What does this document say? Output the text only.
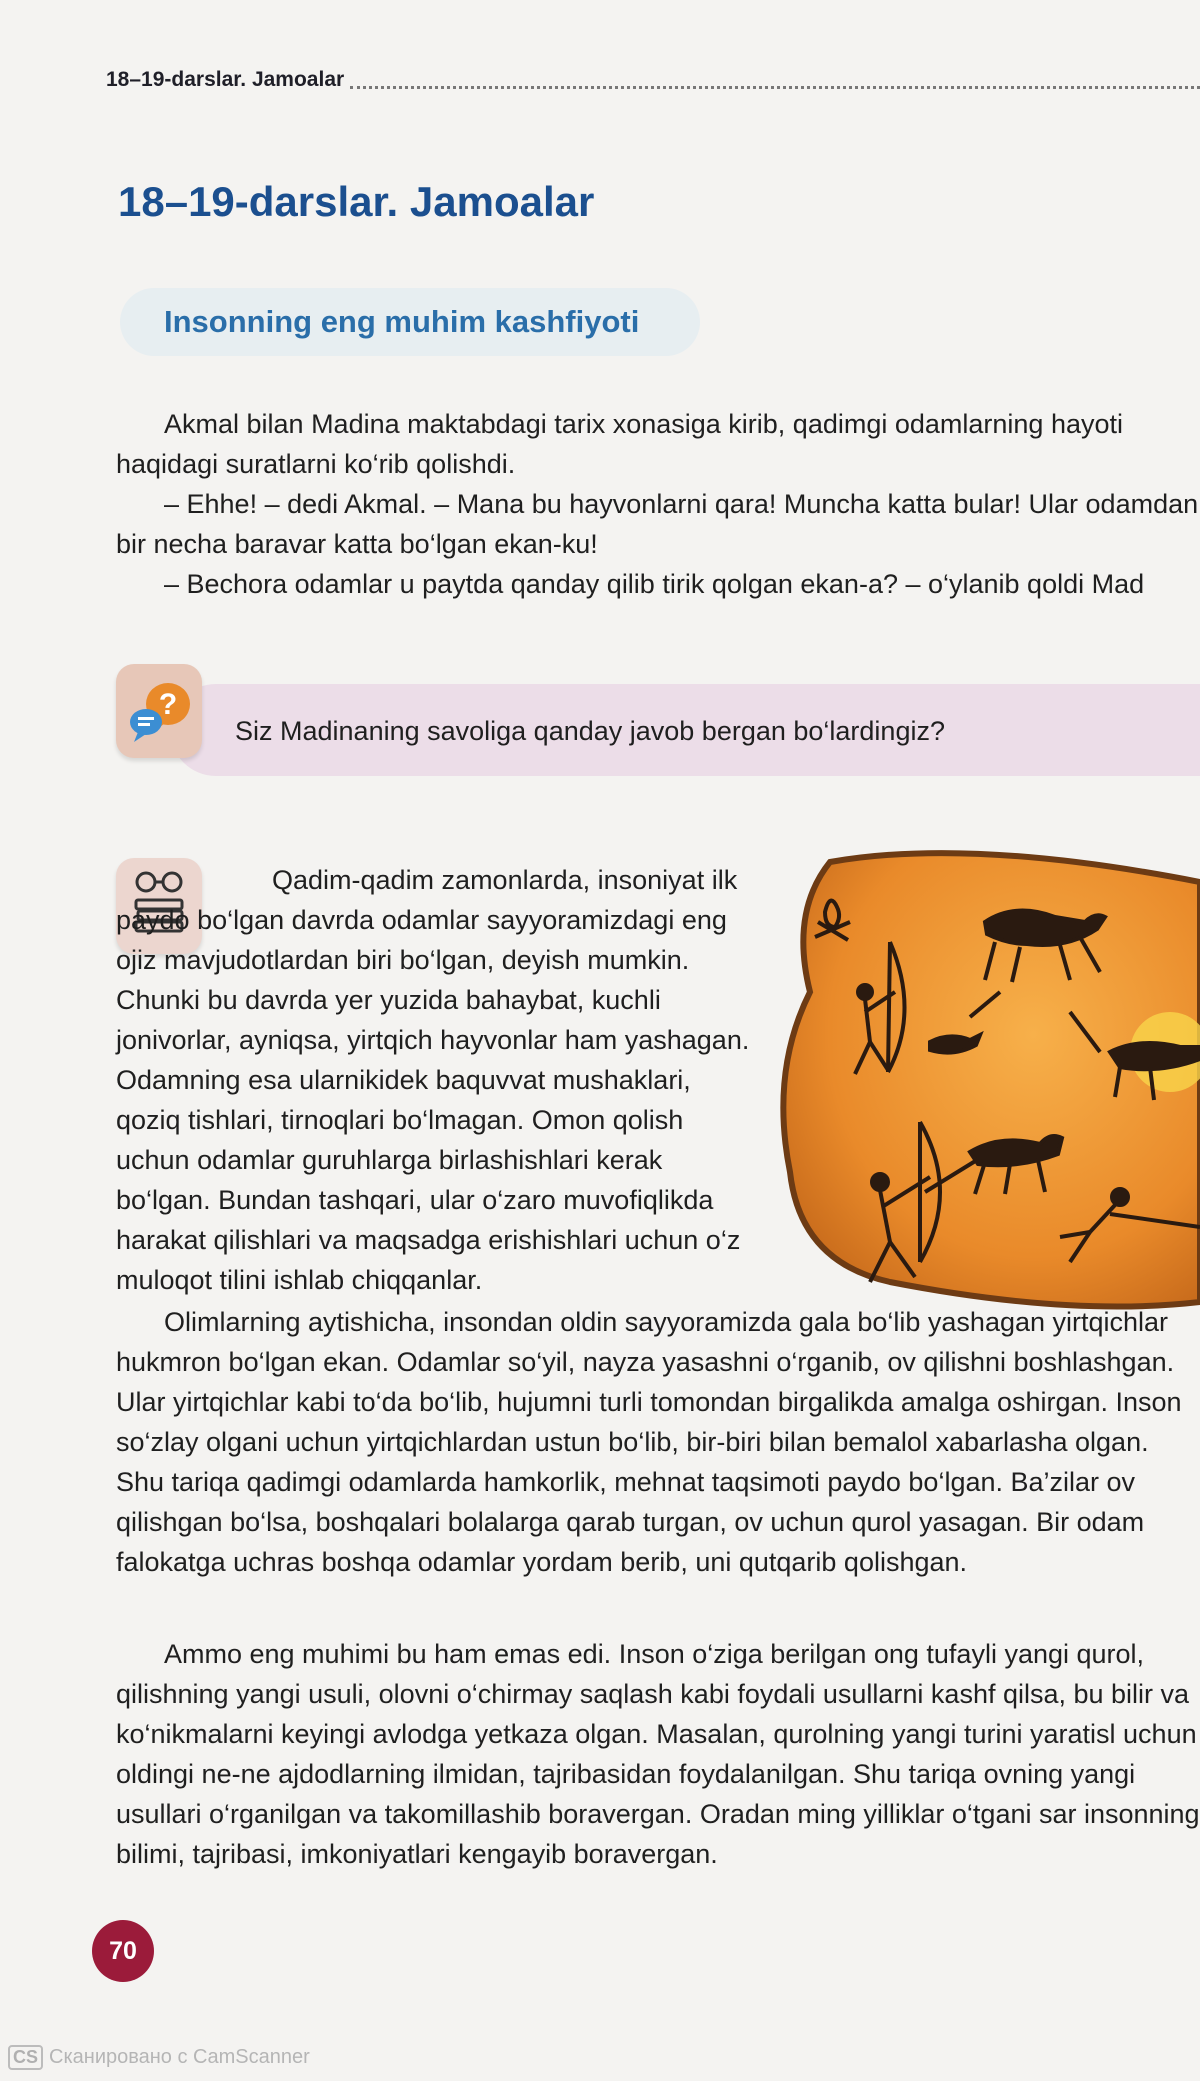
18–19-darslar. Jamoalar
18–19-darslar. Jamoalar
Insonning eng muhim kashfiyoti
Akmal bilan Madina maktabdagi tarix xonasiga kirib, qadimgi odamlarning hayoti haqidagi suratlarni ko‘rib qolishdi.
– Ehhe! – dedi Akmal. – Mana bu hayvonlarni qara! Muncha katta bular! Ular odamdan bir necha baravar katta bo‘lgan ekan-ku!
– Bechora odamlar u paytda qanday qilib tirik qolgan ekan-a? – o‘ylanib qoldi Mad
?
Siz Madinaning savoliga qanday javob bergan bo‘lardingiz?
Qadim-qadim zamonlarda, insoniyat ilk paydo bo‘lgan davrda odamlar sayyoramizdagi eng ojiz mavjudotlardan biri bo‘lgan, deyish mumkin. Chunki bu davrda yer yuzida bahaybat, kuchli jonivorlar, ayniqsa, yirtqich hayvonlar ham yashagan. Odamning esa ularnikidek baquvvat mushaklari, qoziq tishlari, tirnoqlari bo‘lmagan. Omon qolish uchun odamlar guruhlarga birlashishlari kerak bo‘lgan. Bundan tashqari, ular o‘zaro muvofiqlikda harakat qilishlari va maqsadga erishishlari uchun o‘z muloqot tilini ishlab chiqqanlar.
Olimlarning aytishicha, insondan oldin sayyoramizda gala bo‘lib yashagan yirtqichlar hukmron bo‘lgan ekan. Odamlar so‘yil, nayza yasashni o‘rganib, ov qilishni boshlashgan. Ular yirtqichlar kabi to‘da bo‘lib, hujumni turli tomondan birgalikda amalga oshirgan. Inson so‘zlay olgani uchun yirtqichlardan ustun bo‘lib, bir-biri bilan bemalol xabarlasha olgan. Shu tariqa qadimgi odamlarda hamkorlik, mehnat taqsimoti paydo bo‘lgan. Ba’zilar ov qilishgan bo‘lsa, boshqalari bolalarga qarab turgan, ov uchun qurol yasagan. Bir odam falokatga uchras boshqa odamlar yordam berib, uni qutqarib qolishgan.
Ammo eng muhimi bu ham emas edi. Inson o‘ziga berilgan ong tufayli yangi qurol, qilishning yangi usuli, olovni o‘chirmay saqlash kabi foydali usullarni kashf qilsa, bu bilir va ko‘nikmalarni keyingi avlodga yetkaza olgan. Masalan, qurolning yangi turini yaratisl uchun oldingi ne-ne ajdodlarning ilmidan, tajribasidan foydalanilgan. Shu tariqa ovning yangi usullari o‘rganilgan va takomillashib boravergan. Oradan ming yilliklar o‘tgani sar insonning bilimi, tajribasi, imkoniyatlari kengayib boravergan.
70
CS Сканировано с CamScanner
